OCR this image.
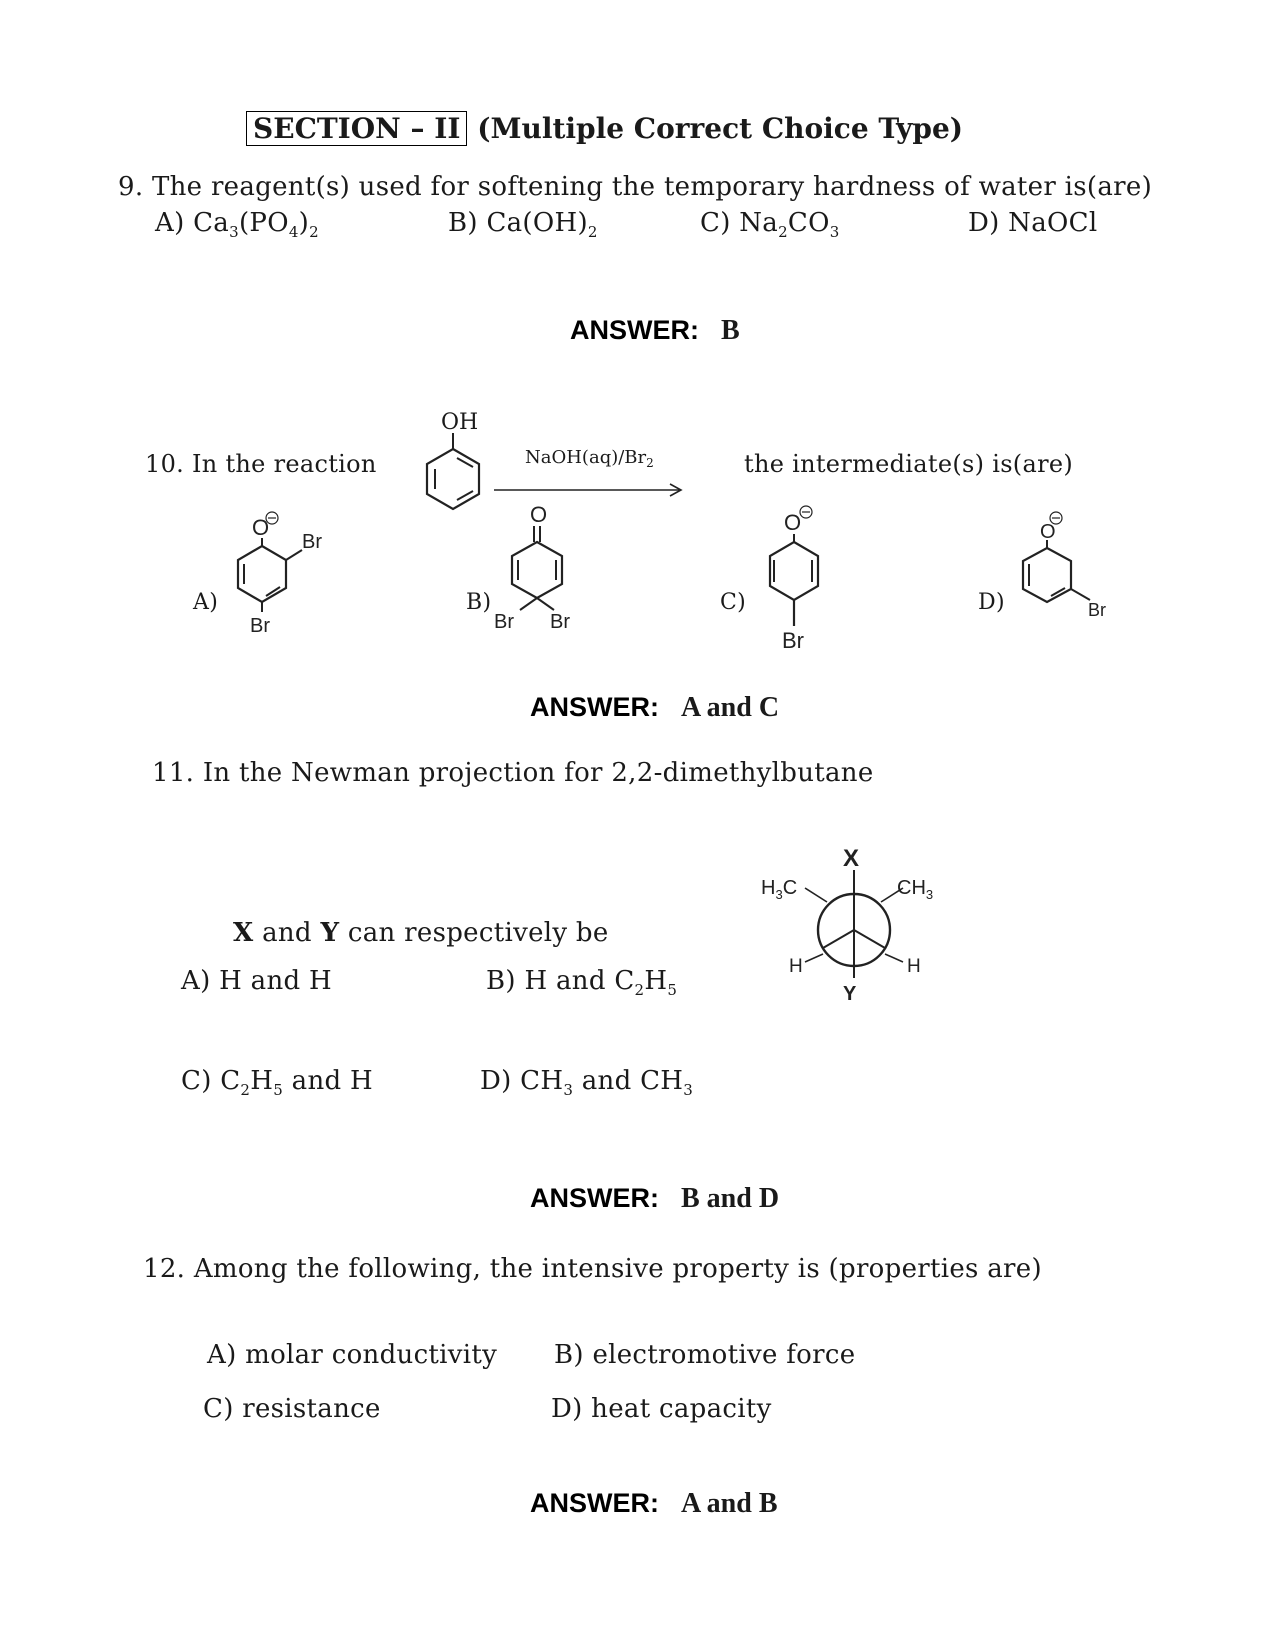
SECTION – II (Multiple Correct Choice Type)
9. The reagent(s) used for softening the temporary hardness of water is(are)
A) $Ca_3(PO_4)_2$	B) $Ca(OH)_2$	C) $Na_2CO_3$	D) NaOCl
ANSWER: B
10. In the reaction	the intermediate(s) is(are)
OH
$NaOH(aq)/Br_2$
A)
O
Br
Br
B)
O
Br Br
C)
O
Br
D)
O
Br
ANSWER: A and C
11. In the Newman projection for 2,2-dimethylbutane
X
$H_3C$	$CH_3$
H	H
Y
X and Y can respectively be
A) H and H	B) H and $C_2H_5$
C) $C_2H_5$ and H	D) $CH_3$ and $CH_3$
ANSWER: B and D
12. Among the following, the intensive property is (properties are)
A) molar conductivity B) electromotive force
C) resistance	D) heat capacity
ANSWER: A and B
